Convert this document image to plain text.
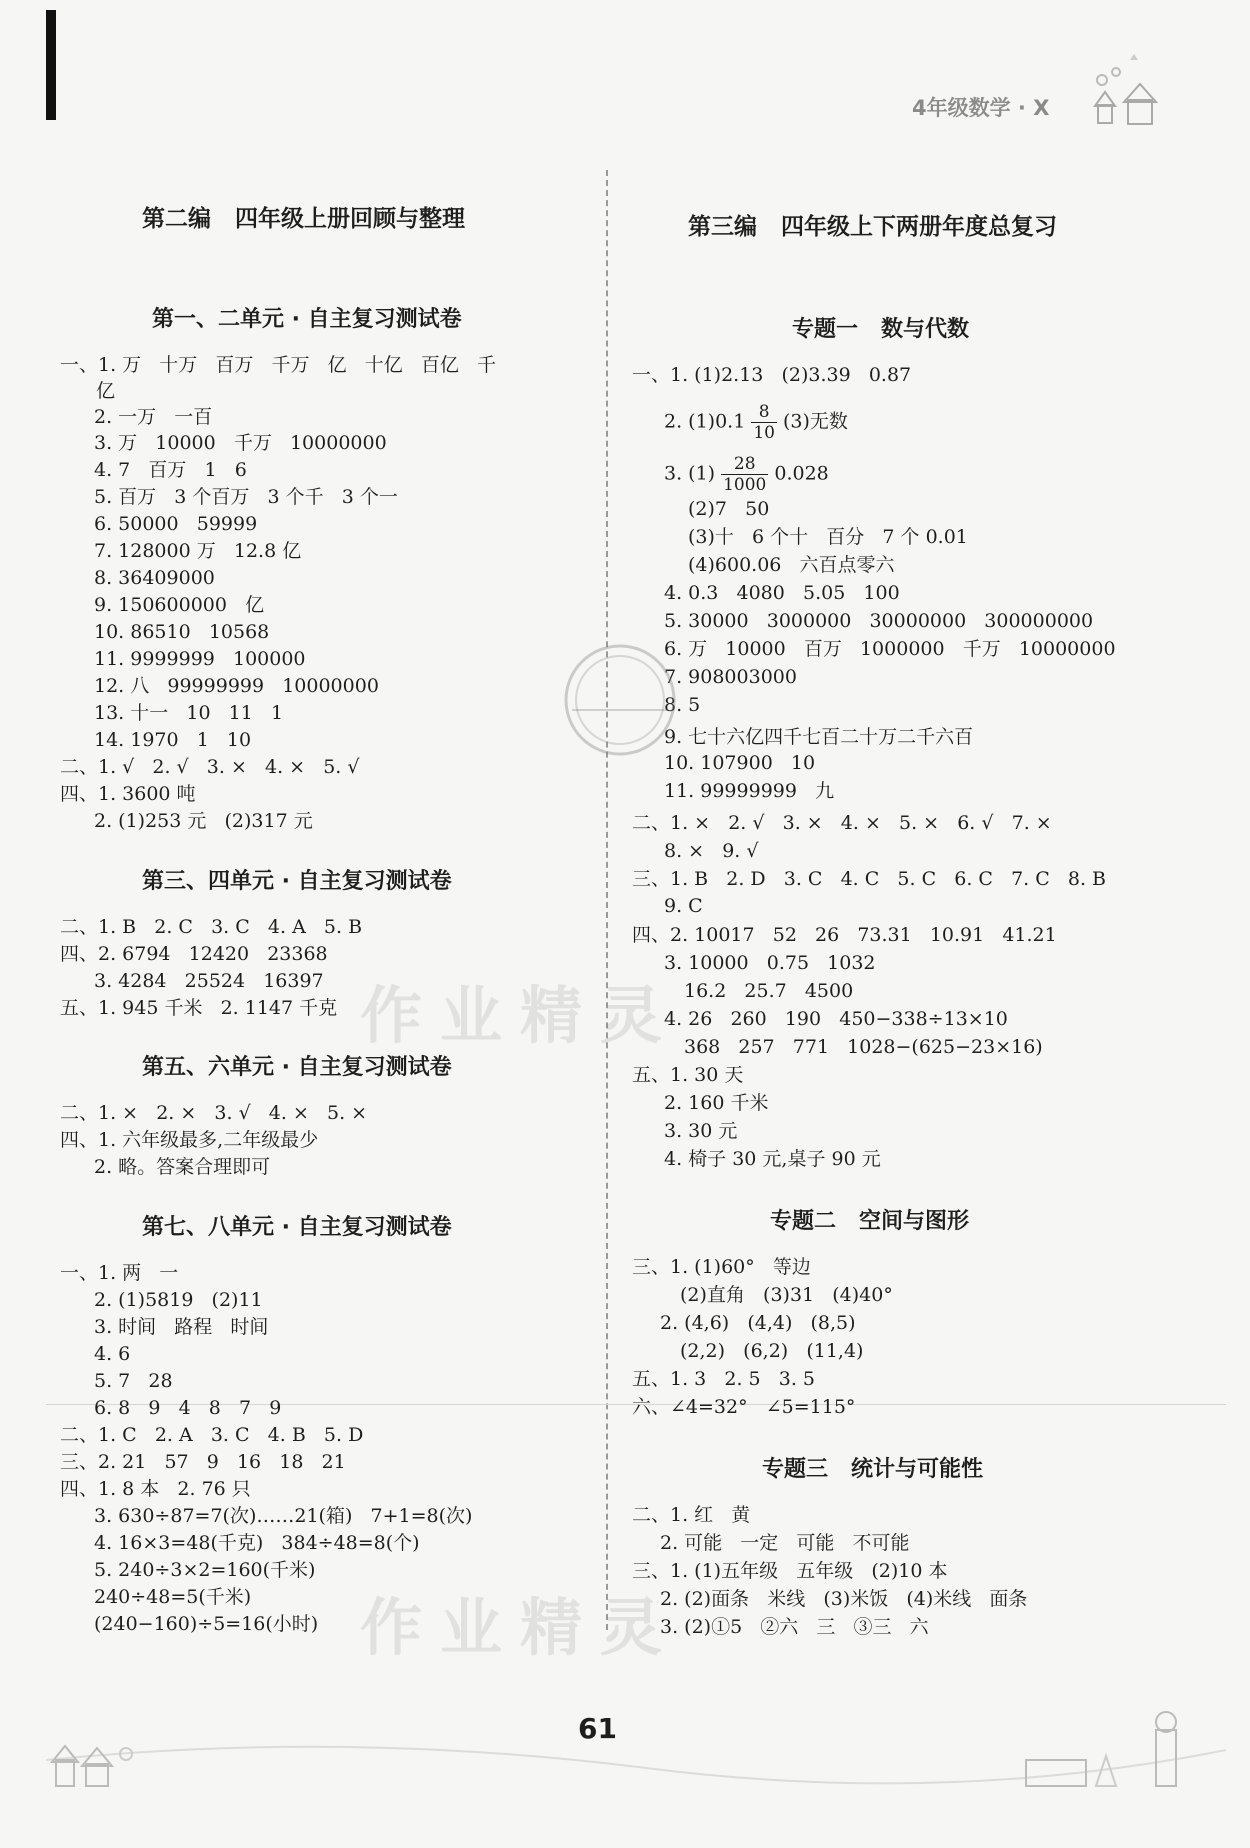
4年级数学 · X
第二编   四年级上册回顾与整理
第一、二单元 · 自主复习测试卷
一、1. 万   十万   百万   千万   亿   十亿   百亿   千
亿
2. 一万   一百
3. 万   10000   千万   10000000
4. 7   百万   1   6
5. 百万   3 个百万   3 个千   3 个一
6. 50000   59999
7. 128000 万   12.8 亿
8. 36409000
9. 150600000   亿
10. 86510   10568
11. 9999999   100000
12. 八   99999999   10000000
13. 十一   10   11   1
14. 1970   1   10
二、1. √   2. √   3. ×   4. ×   5. √
四、1. 3600 吨
2. (1)253 元   (2)317 元
第三、四单元 · 自主复习测试卷
二、1. B   2. C   3. C   4. A   5. B
四、2. 6794   12420   23368
3. 4284   25524   16397
五、1. 945 千米   2. 1147 千克
第五、六单元 · 自主复习测试卷
二、1. ×   2. ×   3. √   4. ×   5. ×
四、1. 六年级最多,二年级最少
2. 略。答案合理即可
第七、八单元 · 自主复习测试卷
一、1. 两   一
2. (1)5819   (2)11
3. 时间   路程   时间
4. 6
5. 7   28
6. 8   9   4   8   7   9
二、1. C   2. A   3. C   4. B   5. D
三、2. 21   57   9   16   18   21
四、1. 8 本   2. 76 只
3. 630÷87=7(次)……21(箱)   7+1=8(次)
4. 16×3=48(千克)   384÷48=8(个)
5. 240÷3×2=160(千米)
240÷48=5(千米)
(240−160)÷5=16(小时)
第三编   四年级上下两册年度总复习
专题一   数与代数
一、1. (1)2.13   (2)3.39   0.87
2. $(1)0.1 \frac{8}{10} (3)$无数
3. $(1) \frac{28}{1000} 0.028$
(2)7   50
(3)十   6 个十   百分   7 个 0.01
(4)600.06   六百点零六
4. 0.3   4080   5.05   100
5. 30000   3000000   30000000   300000000
6. 万   10000   百万   1000000   千万   10000000
7. 908003000
8. 5
9. 七十六亿四千七百二十万二千六百
10. 107900   10
11. 99999999   九
二、1. ×   2. √   3. ×   4. ×   5. ×   6. √   7. ×
8. ×   9. √
三、1. B   2. D   3. C   4. C   5. C   6. C   7. C   8. B
9. C
四、2. 10017   52   26   73.31   10.91   41.21
3. 10000   0.75   1032
16.2   25.7   4500
4. 26   260   190   450−338÷13×10
368   257   771   1028−(625−23×16)
五、1. 30 天
2. 160 千米
3. 30 元
4. 椅子 30 元,桌子 90 元
专题二   空间与图形
三、1. (1)60°   等边
(2)直角   (3)31   (4)40°
2. (4,6)   (4,4)   (8,5)
(2,2)   (6,2)   (11,4)
五、1. 3   2. 5   3. 5
六、∠4=32°   ∠5=115°
专题三   统计与可能性
二、1. 红   黄
2. 可能   一定   可能   不可能
三、1. (1)五年级   五年级   (2)10 本
2. (2)面条   米线   (3)米饭   (4)米线   面条
3. (2)①5   ②六   三   ③三   六
作业精灵
作业精灵
61
